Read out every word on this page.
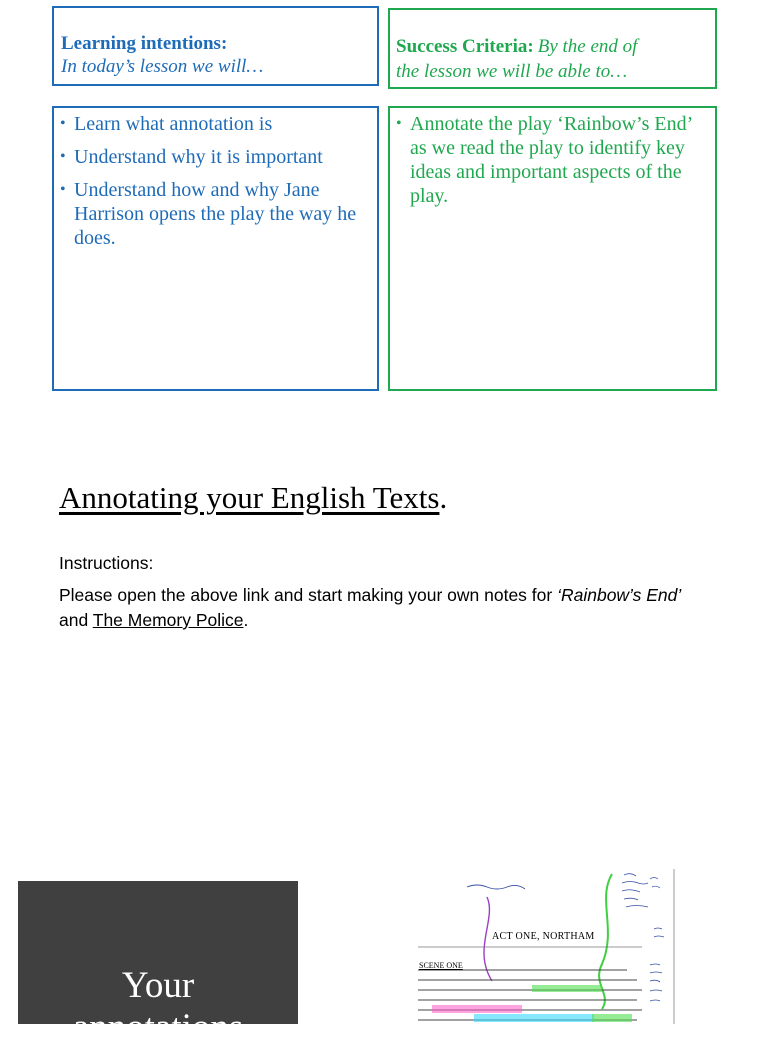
Learning intentions:
In today’s lesson we will…
Success Criteria: By the end of
the lesson we will be able to…
• Learn what annotation is
• Understand why it is important
• Understand how and why Jane Harrison opens the play the way he does.
• Annotate the play ‘Rainbow’s End’ as we read the play to identify key ideas and important aspects of the play.
Annotating your English Texts.
Instructions:
Please open the above link and start making your own notes for ‘Rainbow’s End’ and The Memory Police.
Your
annotations
ACT ONE, NORTHAM
SCENE ONE
